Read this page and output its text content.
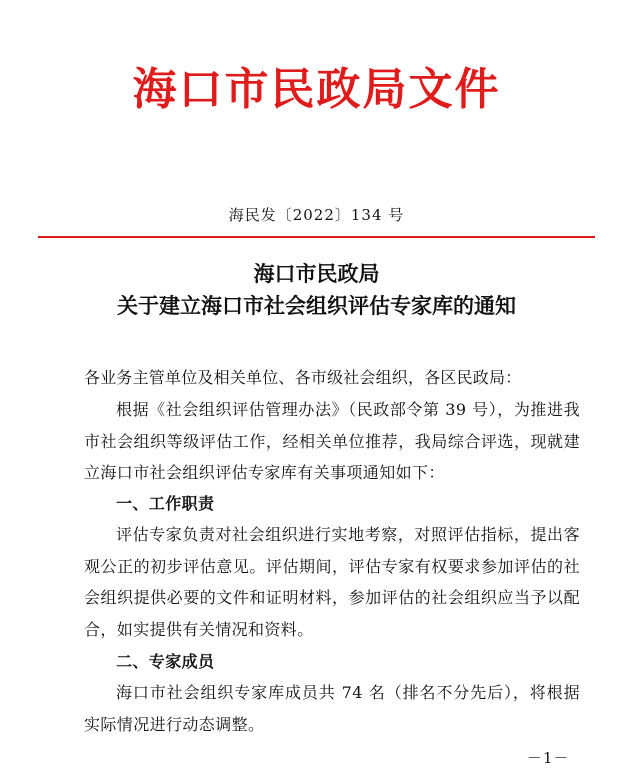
海口市民政局文件
海民发〔2022〕134 号
海口市民政局
关于建立海口市社会组织评估专家库的通知
各业务主管单位及相关单位、各市级社会组织，各区民政局：
根据《社会组织评估管理办法》（民政部令第 39 号），为推进我市社会组织等级评估工作，经相关单位推荐，我局综合评选，现就建立海口市社会组织评估专家库有关事项通知如下：
一、工作职责
评估专家负责对社会组织进行实地考察，对照评估指标，提出客观公正的初步评估意见。评估期间，评估专家有权要求参加评估的社会组织提供必要的文件和证明材料，参加评估的社会组织应当予以配合，如实提供有关情况和资料。
二、专家成员
海口市社会组织专家库成员共 74 名（排名不分先后），将根据实际情况进行动态调整。
－1－
